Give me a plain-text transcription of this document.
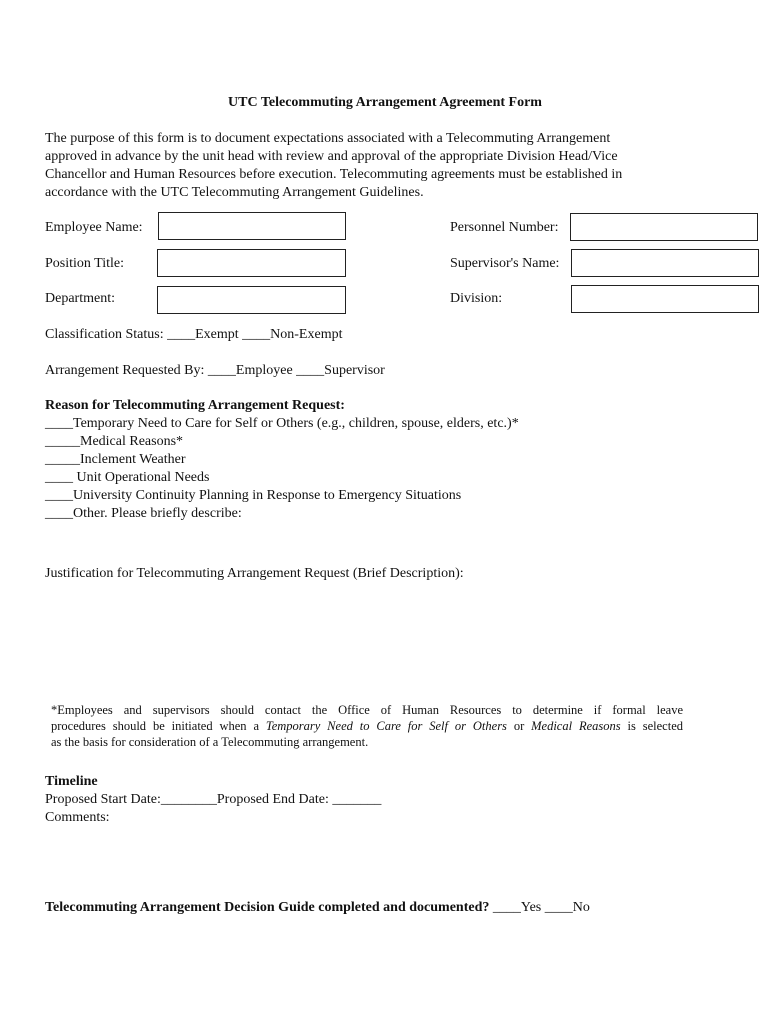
UTC Telecommuting Arrangement Agreement Form
The purpose of this form is to document expectations associated with a Telecommuting Arrangement
approved in advance by the unit head with review and approval of the appropriate Division Head/Vice
Chancellor and Human Resources before execution. Telecommuting agreements must be established in
accordance with the UTC Telecommuting Arrangement Guidelines.
Employee Name:	Personnel Number:
Position Title:	Supervisor's Name:
Department:	Division:
Classification Status: ____Exempt ____Non-Exempt
Arrangement Requested By: ____Employee ____Supervisor
Reason for Telecommuting Arrangement Request:
____Temporary Need to Care for Self or Others (e.g., children, spouse, elders, etc.)*
_____Medical Reasons*
_____Inclement Weather
____ Unit Operational Needs
____University Continuity Planning in Response to Emergency Situations
____Other. Please briefly describe:
Justification for Telecommuting Arrangement Request (Brief Description):
*Employees and supervisors should contact the Office of Human Resources to determine if formal leave
procedures should be initiated when a Temporary Need to Care for Self or Others or Medical Reasons is selected
as the basis for consideration of a Telecommuting arrangement.
Timeline
Proposed Start Date:________Proposed End Date: _______
Comments:
Telecommuting Arrangement Decision Guide completed and documented? ____Yes ____No
